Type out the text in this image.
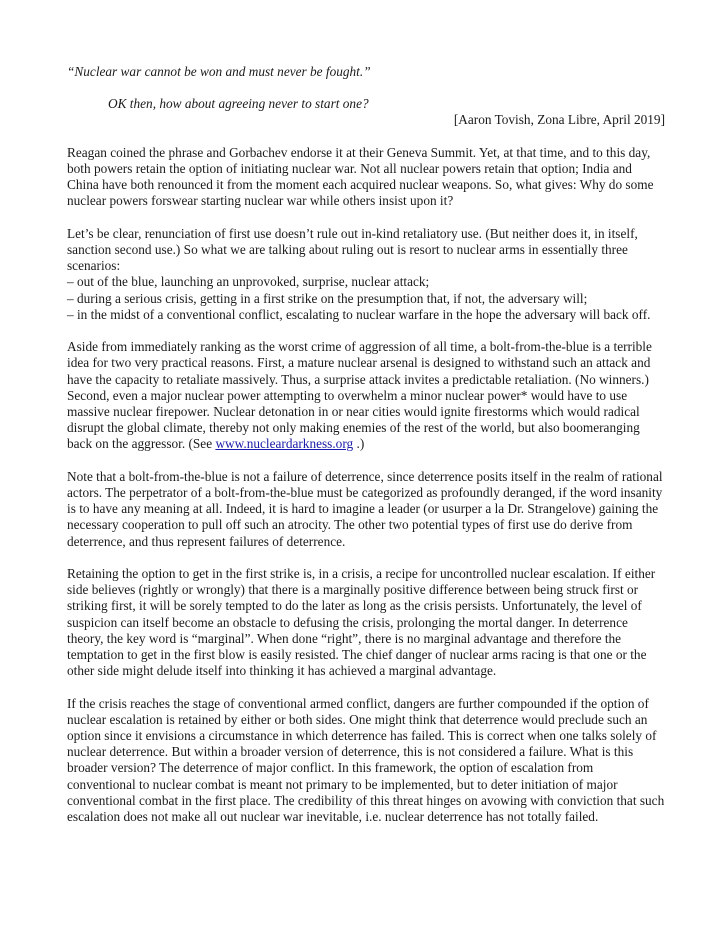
“Nuclear war cannot be won and must never be fought.”

OK then, how about agreeing never to start one?

[Aaron Tovish, Zona Libre, April 2019]

Reagan coined the phrase and Gorbachev endorse it at their Geneva Summit. Yet, at that time, and to this day, both powers retain the option of initiating nuclear war. Not all nuclear powers retain that option; India and China have both renounced it from the moment each acquired nuclear weapons. So, what gives: Why do some nuclear powers forswear starting nuclear war while others insist upon it?

Let’s be clear, renunciation of first use doesn’t rule out in-kind retaliatory use. (But neither does it, in itself, sanction second use.) So what we are talking about ruling out is resort to nuclear arms in essentially three scenarios:
– out of the blue, launching an unprovoked, surprise, nuclear attack;
– during a serious crisis, getting in a first strike on the presumption that, if not, the adversary will;
– in the midst of a conventional conflict, escalating to nuclear warfare in the hope the adversary will back off.

Aside from immediately ranking as the worst crime of aggression of all time, a bolt-from-the-blue is a terrible idea for two very practical reasons. First, a mature nuclear arsenal is designed to withstand such an attack and have the capacity to retaliate massively. Thus, a surprise attack invites a predictable retaliation. (No winners.) Second, even a major nuclear power attempting to overwhelm a minor nuclear power* would have to use massive nuclear firepower. Nuclear detonation in or near cities would ignite firestorms which would radical disrupt the global climate, thereby not only making enemies of the rest of the world, but also boomeranging back on the aggressor. (See www.nucleardarkness.org .)

Note that a bolt-from-the-blue is not a failure of deterrence, since deterrence posits itself in the realm of rational actors. The perpetrator of a bolt-from-the-blue must be categorized as profoundly deranged, if the word insanity is to have any meaning at all. Indeed, it is hard to imagine a leader (or usurper a la Dr. Strangelove) gaining the necessary cooperation to pull off such an atrocity. The other two potential types of first use do derive from deterrence, and thus represent failures of deterrence.

Retaining the option to get in the first strike is, in a crisis, a recipe for uncontrolled nuclear escalation. If either side believes (rightly or wrongly) that there is a marginally positive difference between being struck first or striking first, it will be sorely tempted to do the later as long as the crisis persists. Unfortunately, the level of suspicion can itself become an obstacle to defusing the crisis, prolonging the mortal danger. In deterrence theory, the key word is “marginal”. When done “right”, there is no marginal advantage and therefore the temptation to get in the first blow is easily resisted. The chief danger of nuclear arms racing is that one or the other side might delude itself into thinking it has achieved a marginal advantage.

If the crisis reaches the stage of conventional armed conflict, dangers are further compounded if the option of nuclear escalation is retained by either or both sides. One might think that deterrence would preclude such an option since it envisions a circumstance in which deterrence has failed. This is correct when one talks solely of nuclear deterrence. But within a broader version of deterrence, this is not considered a failure. What is this broader version? The deterrence of major conflict. In this framework, the option of escalation from conventional to nuclear combat is meant not primary to be implemented, but to deter initiation of major conventional combat in the first place. The credibility of this threat hinges on avowing with conviction that such escalation does not make all out nuclear war inevitable, i.e. nuclear deterrence has not totally failed.
